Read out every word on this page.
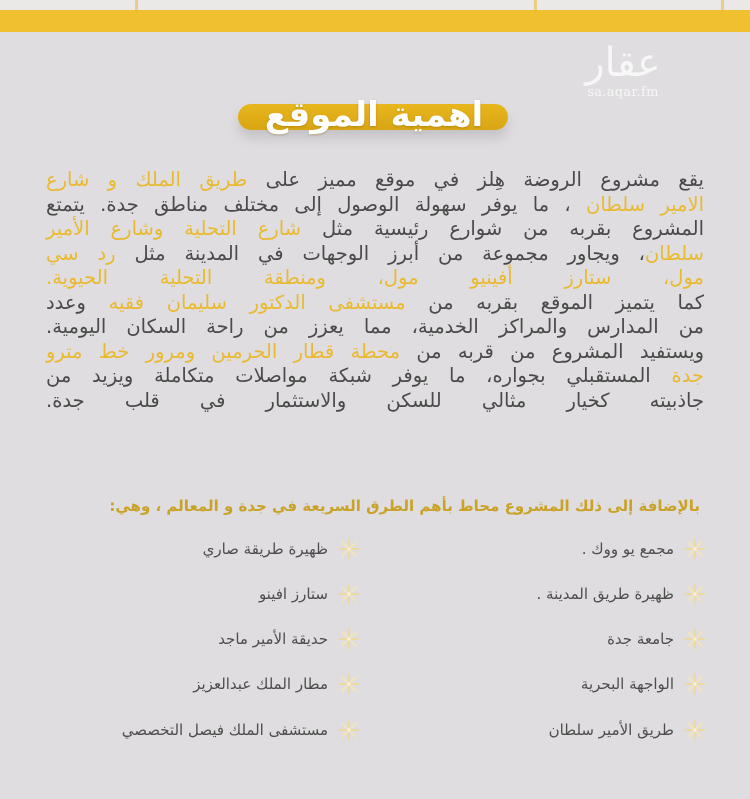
عقار
sa.aqar.fm
اهمية الموقع
يقع مشروع الروضة هِلز في موقع مميز على طريق الملك و شارع
الامير سلطان ، ما يوفر سهولة الوصول إلى مختلف مناطق جدة. يتمتع
المشروع بقربه من شوارع رئيسية مثل شارع التحلية وشارع الأمير
سلطان، ويجاور مجموعة من أبرز الوجهات في المدينة مثل رد سي
مول، ستارز أفينيو مول، ومنطقة التحلية الحيوية.
كما يتميز الموقع بقربه من مستشفى الدكتور سليمان فقيه وعدد
من المدارس والمراكز الخدمية، مما يعزز من راحة السكان اليومية.
ويستفيد المشروع من قربه من محطة قطار الحرمين ومرور خط مترو
جدة المستقبلي بجواره، ما يوفر شبكة مواصلات متكاملة ويزيد من
جاذبيته كخيار مثالي للسكن والاستثمار في قلب جدة.
بالإضافة إلى ذلك المشروع محاط بأهم الطرق السريعة في جدة و المعالم ، وهي:
مجمع يو ووك .
ظهيرة طريق المدينة .
جامعة جدة
الواجهة البحرية
طريق الأمير سلطان
ظهيرة طريقة صاري
ستارز افينو
حديقة الأمير ماجد
مطار الملك عبدالعزيز
مستشفى الملك فيصل التخصصي
